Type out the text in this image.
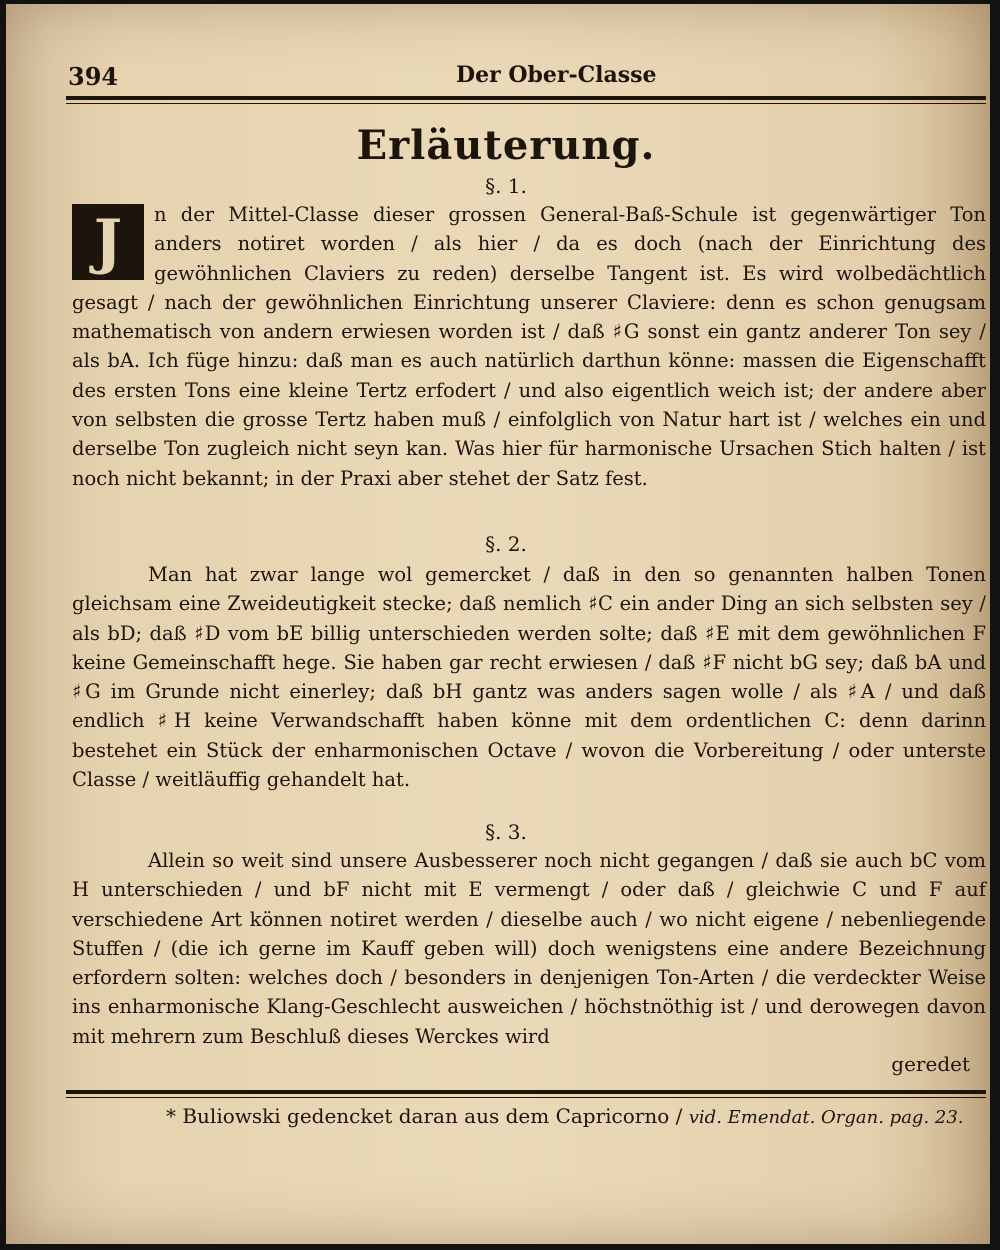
394	Der Ober-Classe
Erläuterung.
§. 1.

J	n der Mittel-Classe dieser grossen General-Baß-Schule ist gegenwärtiger Ton anders notiret worden / als hier / da es doch (nach der Einrichtung des gewöhnlichen Claviers zu reden) derselbe Tangent ist. Es wird wolbedächtlich gesagt / nach der gewöhnlichen Einrichtung unserer Claviere: denn es schon genugsam mathematisch von andern erwiesen worden ist / daß ♯G sonst ein gantz anderer Ton sey / als bA. Ich füge hinzu: daß man es auch natürlich darthun könne: massen die Eigenschafft des ersten Tons eine kleine Tertz erfodert / und also eigentlich weich ist; der andere aber von selbsten die grosse Tertz haben muß / einfolglich von Natur hart ist / welches ein und derselbe Ton zugleich nicht seyn kan. Was hier für harmonische Ursachen Stich halten / ist noch nicht bekannt; in der Praxi aber stehet der Satz fest.

§. 2.

Man hat zwar lange wol gemercket / daß in den so genannten halben Tonen gleichsam eine Zweideutigkeit stecke; daß nemlich ♯C ein ander Ding an sich selbsten sey / als bD; daß ♯D vom bE billig unterschieden werden solte; daß ♯E mit dem gewöhnlichen F keine Gemeinschafft hege. Sie haben gar recht erwiesen / daß ♯F nicht bG sey; daß bA und ♯G im Grunde nicht einerley; daß bH gantz was anders sagen wolle / als ♯A / und daß endlich ♯H keine Verwandschafft haben könne mit dem ordentlichen C: denn darinn bestehet ein Stück der enharmonischen Octave / wovon die Vorbereitung / oder unterste Classe / weitläuffig gehandelt hat.

§. 3.

Allein so weit sind unsere Ausbesserer noch nicht gegangen / daß sie auch bC vom H unterschieden / und bF nicht mit E vermengt / oder daß / gleichwie C und F auf verschiedene Art können notiret werden / dieselbe auch / wo nicht eigene / nebenliegende Stuffen / (die ich gerne im Kauff geben will) doch wenigstens eine andere Bezeichnung erfordern solten: welches doch / besonders in denjenigen Ton-Arten / die verdeckter Weise ins enharmonische Klang-Geschlecht ausweichen / höchstnöthig ist / und derowegen davon mit mehrern zum Beschluß dieses Werckes wird

geredet
* Buliowski gedencket daran aus dem Capricorno / vid. Emendat. Organ. pag. 23.
